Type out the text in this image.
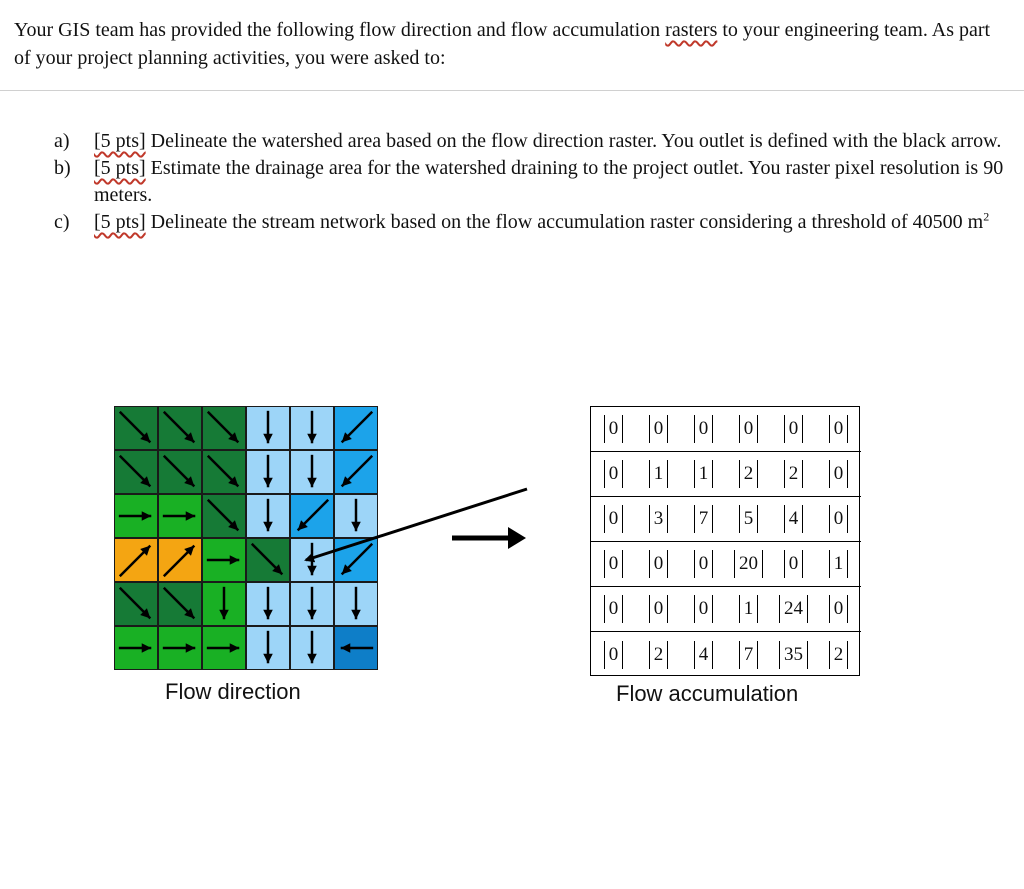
Your GIS team has provided the following flow direction and flow accumulation rasters to your engineering team. As part of your project planning activities, you were asked to:
a) [5 pts] Delineate the watershed area based on the flow direction raster. You outlet is defined with the black arrow.
b) [5 pts] Estimate the drainage area for the watershed draining to the project outlet. You raster pixel resolution is 90 meters.
c) [5 pts] Delineate the stream network based on the flow accumulation raster considering a threshold of 40500 $m^2$
Flow direction
0 0 0 0 0 0
0 1 1 2 2 0
0 3 7 5 4 0
0 0 0 20 0 1
0 0 0 1 24 0
0 2 4 7 35 2
Flow accumulation
